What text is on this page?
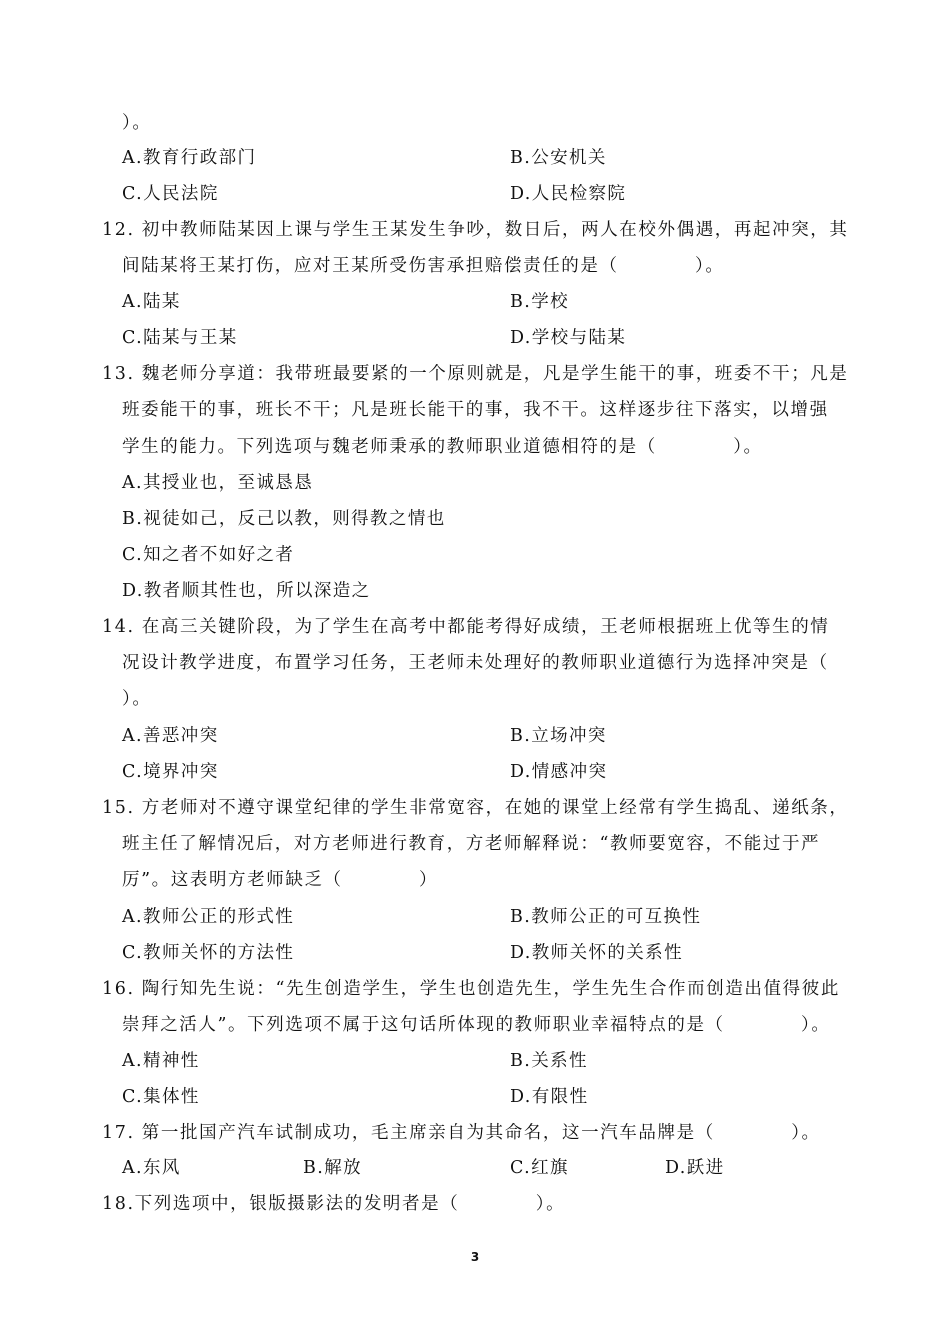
）。
A.教育行政部门	B.公安机关
C.人民法院	D.人民检察院
12. 初中教师陆某因上课与学生王某发生争吵，数日后，两人在校外偶遇，再起冲突，其
间陆某将王某打伤，应对王某所受伤害承担赔偿责任的是（　　　　）。
A.陆某	B.学校
C.陆某与王某	D.学校与陆某
13. 魏老师分享道：我带班最要紧的一个原则就是，凡是学生能干的事，班委不干；凡是
班委能干的事，班长不干；凡是班长能干的事，我不干。这样逐步往下落实，以增强
学生的能力。下列选项与魏老师秉承的教师职业道德相符的是（　　　　）。
A.其授业也，至诚恳恳
B.视徒如己，反己以教，则得教之情也
C.知之者不如好之者
D.教者顺其性也，所以深造之
14. 在高三关键阶段，为了学生在高考中都能考得好成绩，王老师根据班上优等生的情
况设计教学进度，布置学习任务，王老师未处理好的教师职业道德行为选择冲突是（
）。
A.善恶冲突	B.立场冲突
C.境界冲突	D.情感冲突
15. 方老师对不遵守课堂纪律的学生非常宽容，在她的课堂上经常有学生捣乱、递纸条，
班主任了解情况后，对方老师进行教育，方老师解释说：“教师要宽容，不能过于严
厉”。这表明方老师缺乏（　　　　）
A.教师公正的形式性	B.教师公正的可互换性
C.教师关怀的方法性	D.教师关怀的关系性
16. 陶行知先生说：“先生创造学生，学生也创造先生，学生先生合作而创造出值得彼此
崇拜之活人”。下列选项不属于这句话所体现的教师职业幸福特点的是（　　　　）。
A.精神性	B.关系性
C.集体性	D.有限性
17. 第一批国产汽车试制成功，毛主席亲自为其命名，这一汽车品牌是（　　　　）。
A.东风	B.解放	C.红旗	D.跃进
18.下列选项中，银版摄影法的发明者是（　　　　）。
3
